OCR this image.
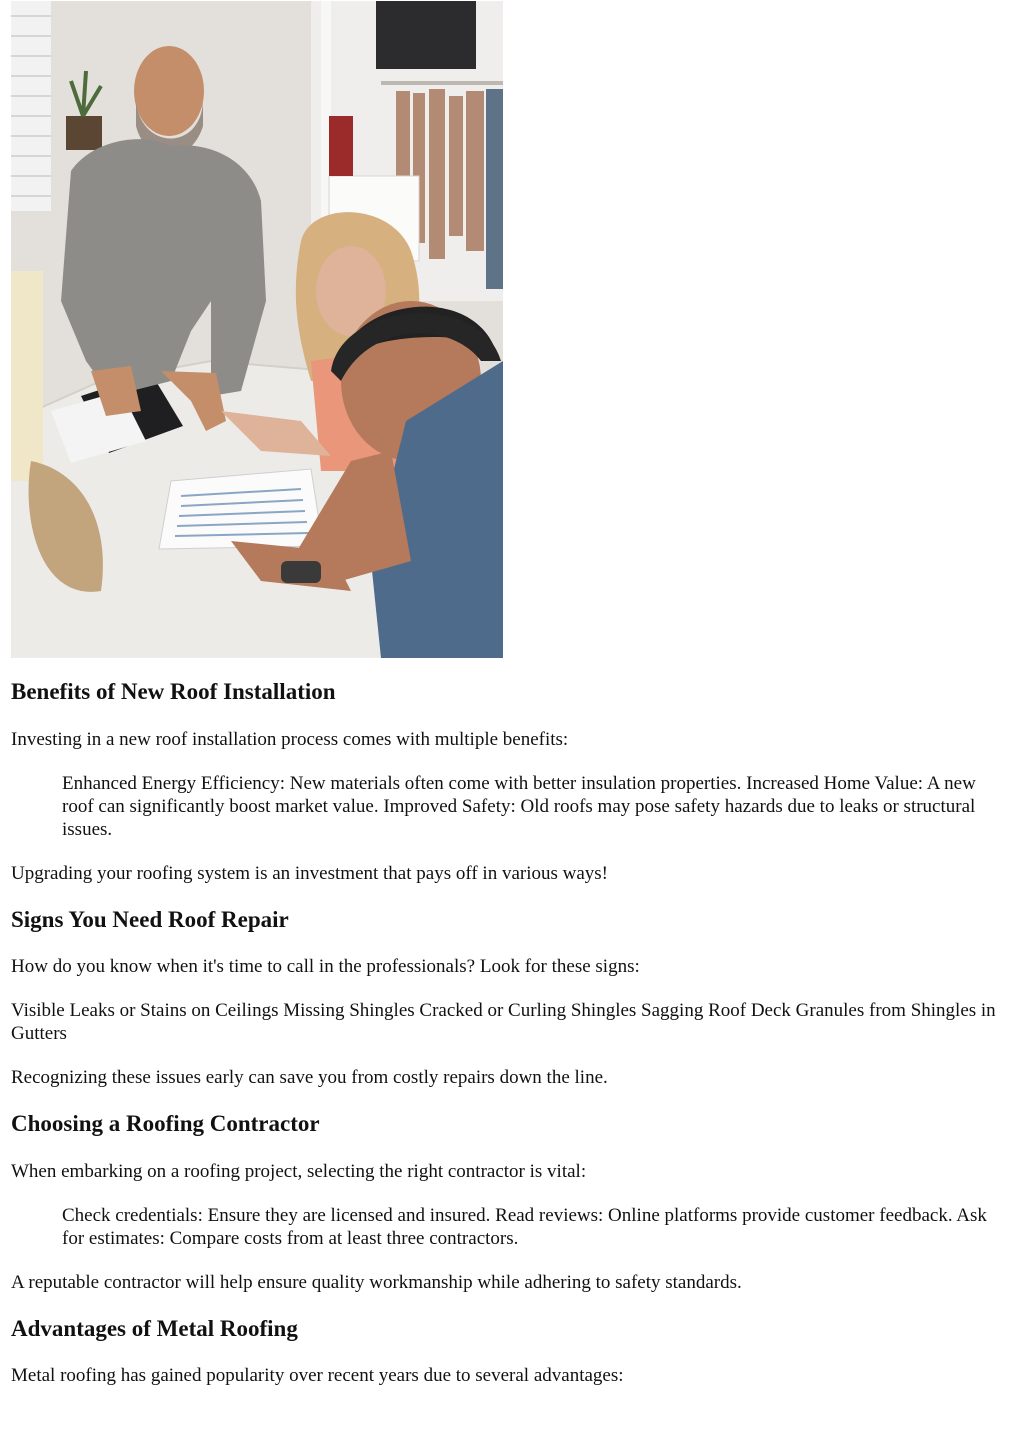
Benefits of New Roof Installation

Investing in a new roof installation process comes with multiple benefits:

Enhanced Energy Efficiency: New materials often come with better insulation properties. Increased Home Value: A new roof can significantly boost market value. Improved Safety: Old roofs may pose safety hazards due to leaks or structural issues.

Upgrading your roofing system is an investment that pays off in various ways!

Signs You Need Roof Repair

How do you know when it's time to call in the professionals? Look for these signs:

Visible Leaks or Stains on Ceilings Missing Shingles Cracked or Curling Shingles Sagging Roof Deck Granules from Shingles in Gutters

Recognizing these issues early can save you from costly repairs down the line.

Choosing a Roofing Contractor

When embarking on a roofing project, selecting the right contractor is vital:

Check credentials: Ensure they are licensed and insured. Read reviews: Online platforms provide customer feedback. Ask for estimates: Compare costs from at least three contractors.

A reputable contractor will help ensure quality workmanship while adhering to safety standards.

Advantages of Metal Roofing

Metal roofing has gained popularity over recent years due to several advantages:
